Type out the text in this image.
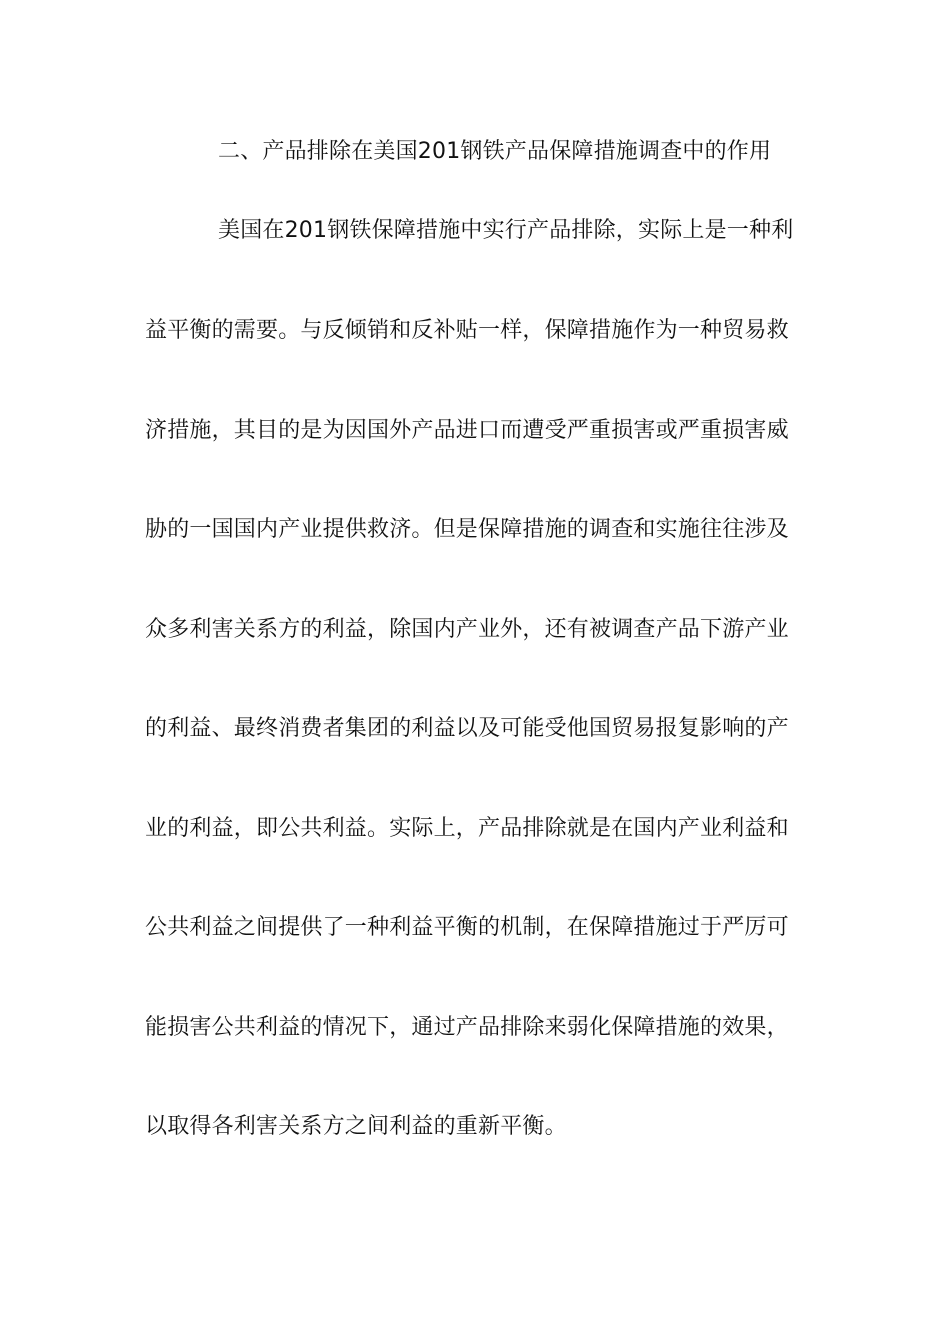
二、产品排除在美国201钢铁产品保障措施调查中的作用
美国在201钢铁保障措施中实行产品排除，实际上是一种利
益平衡的需要。与反倾销和反补贴一样，保障措施作为一种贸易救
济措施，其目的是为因国外产品进口而遭受严重损害或严重损害威
胁的一国国内产业提供救济。但是保障措施的调查和实施往往涉及
众多利害关系方的利益，除国内产业外，还有被调查产品下游产业
的利益、最终消费者集团的利益以及可能受他国贸易报复影响的产
业的利益，即公共利益。实际上，产品排除就是在国内产业利益和
公共利益之间提供了一种利益平衡的机制，在保障措施过于严厉可
能损害公共利益的情况下，通过产品排除来弱化保障措施的效果，
以取得各利害关系方之间利益的重新平衡。
